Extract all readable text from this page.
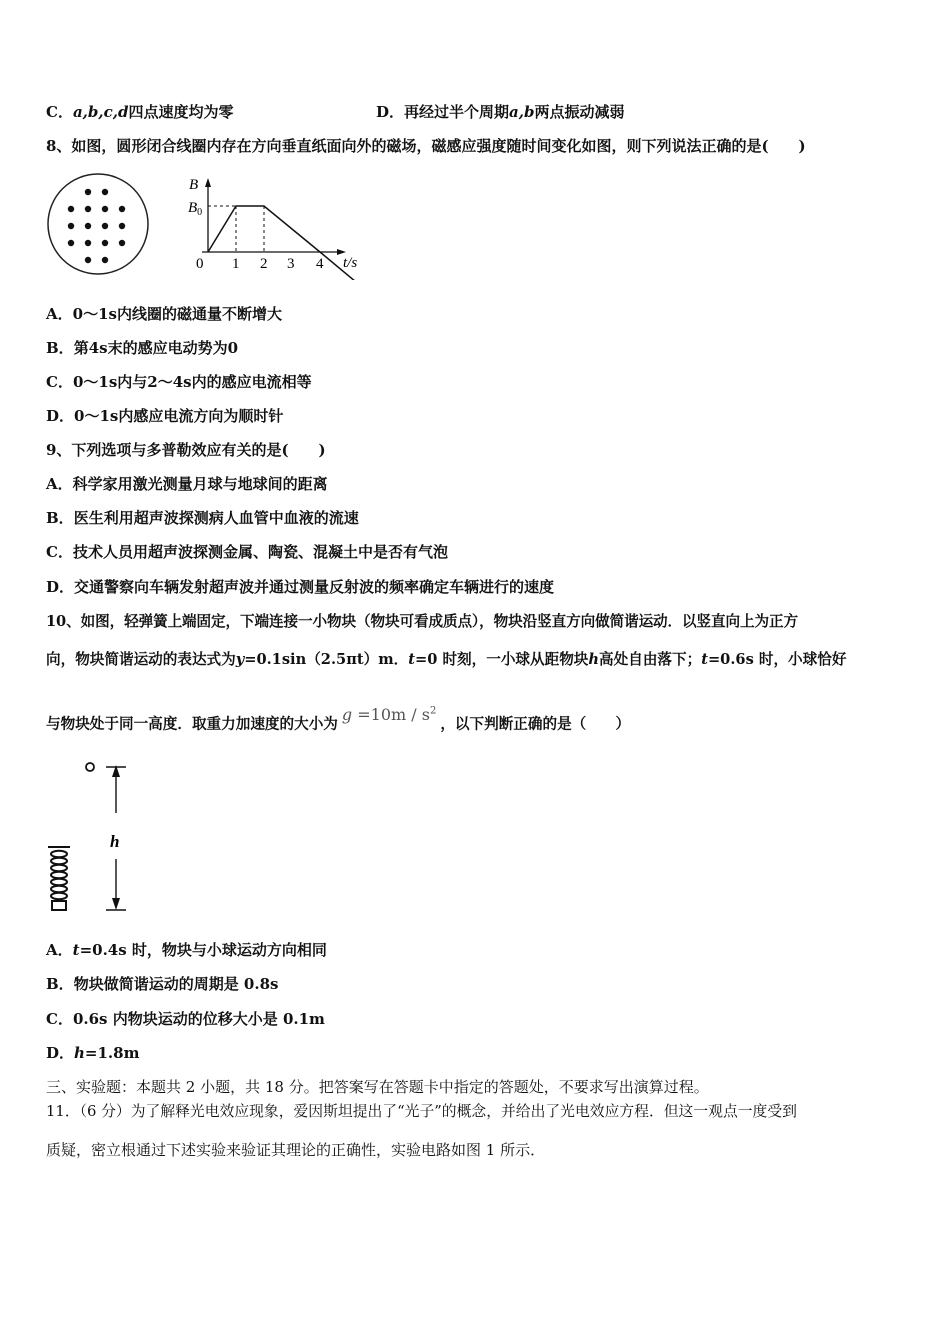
C．a,b,c,d四点速度均为零	D．再经过半个周期a,b两点振动减弱
8、如图，圆形闭合线圈内存在方向垂直纸面向外的磁场，磁感应强度随时间变化如图，则下列说法正确的是(　　)
B
$B_0$
0 1 2 3 4 t/s
A．0～1s内线圈的磁通量不断增大
B．第4s末的感应电动势为0
C．0～1s内与2～4s内的感应电流相等
D．0～1s内感应电流方向为顺时针
9、下列选项与多普勒效应有关的是(　　)
A．科学家用激光测量月球与地球间的距离
B．医生利用超声波探测病人血管中血液的流速
C．技术人员用超声波探测金属、陶瓷、混凝土中是否有气泡
D．交通警察向车辆发射超声波并通过测量反射波的频率确定车辆进行的速度
10、如图，轻弹簧上端固定，下端连接一小物块（物块可看成质点），物块沿竖直方向做简谐运动．以竖直向上为正方
向，物块简谐运动的表达式为y=0.1sin（2.5πt）m．t=0 时刻，一小球从距物块h高处自由落下；t=0.6s 时，小球恰好
与物块处于同一高度．取重力加速度的大小为 $g =10m / s^2$，以下判断正确的是（　　）
h
A．t=0.4s 时，物块与小球运动方向相同
B．物块做简谐运动的周期是 0.8s
C．0.6s 内物块运动的位移大小是 0.1m
D．h=1.8m
三、实验题：本题共 2 小题，共 18 分。把答案写在答题卡中指定的答题处，不要求写出演算过程。
11．（6 分）为了解释光电效应现象，爱因斯坦提出了“光子”的概念，并给出了光电效应方程．但这一观点一度受到
质疑，密立根通过下述实验来验证其理论的正确性，实验电路如图 1 所示．
